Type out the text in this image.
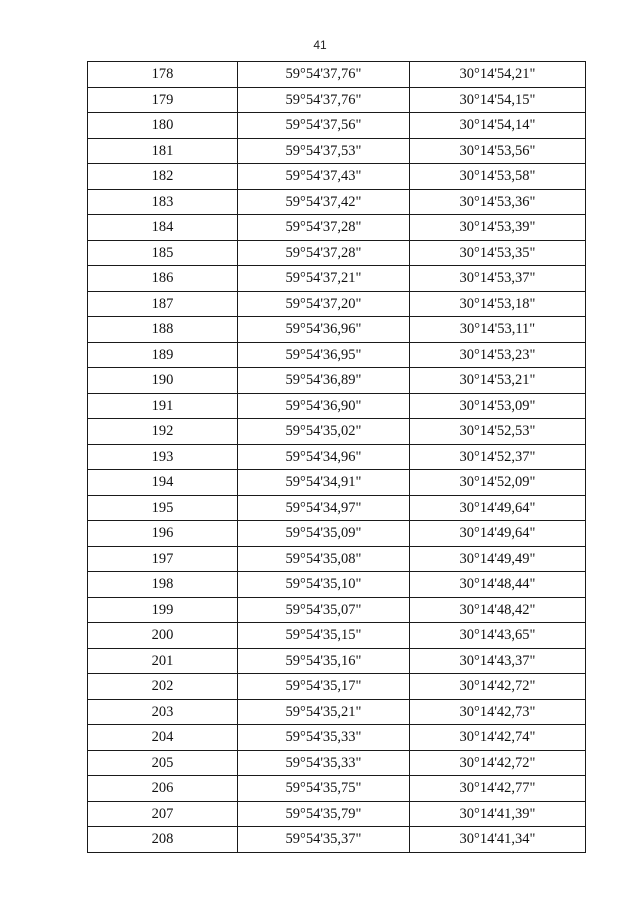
41
178	59°54'37,76"	30°14'54,21"
179	59°54'37,76"	30°14'54,15"
180	59°54'37,56"	30°14'54,14"
181	59°54'37,53"	30°14'53,56"
182	59°54'37,43"	30°14'53,58"
183	59°54'37,42"	30°14'53,36"
184	59°54'37,28"	30°14'53,39"
185	59°54'37,28"	30°14'53,35"
186	59°54'37,21"	30°14'53,37"
187	59°54'37,20"	30°14'53,18"
188	59°54'36,96"	30°14'53,11"
189	59°54'36,95"	30°14'53,23"
190	59°54'36,89"	30°14'53,21"
191	59°54'36,90"	30°14'53,09"
192	59°54'35,02"	30°14'52,53"
193	59°54'34,96"	30°14'52,37"
194	59°54'34,91"	30°14'52,09"
195	59°54'34,97"	30°14'49,64"
196	59°54'35,09"	30°14'49,64"
197	59°54'35,08"	30°14'49,49"
198	59°54'35,10"	30°14'48,44"
199	59°54'35,07"	30°14'48,42"
200	59°54'35,15"	30°14'43,65"
201	59°54'35,16"	30°14'43,37"
202	59°54'35,17"	30°14'42,72"
203	59°54'35,21"	30°14'42,73"
204	59°54'35,33"	30°14'42,74"
205	59°54'35,33"	30°14'42,72"
206	59°54'35,75"	30°14'42,77"
207	59°54'35,79"	30°14'41,39"
208	59°54'35,37"	30°14'41,34"
